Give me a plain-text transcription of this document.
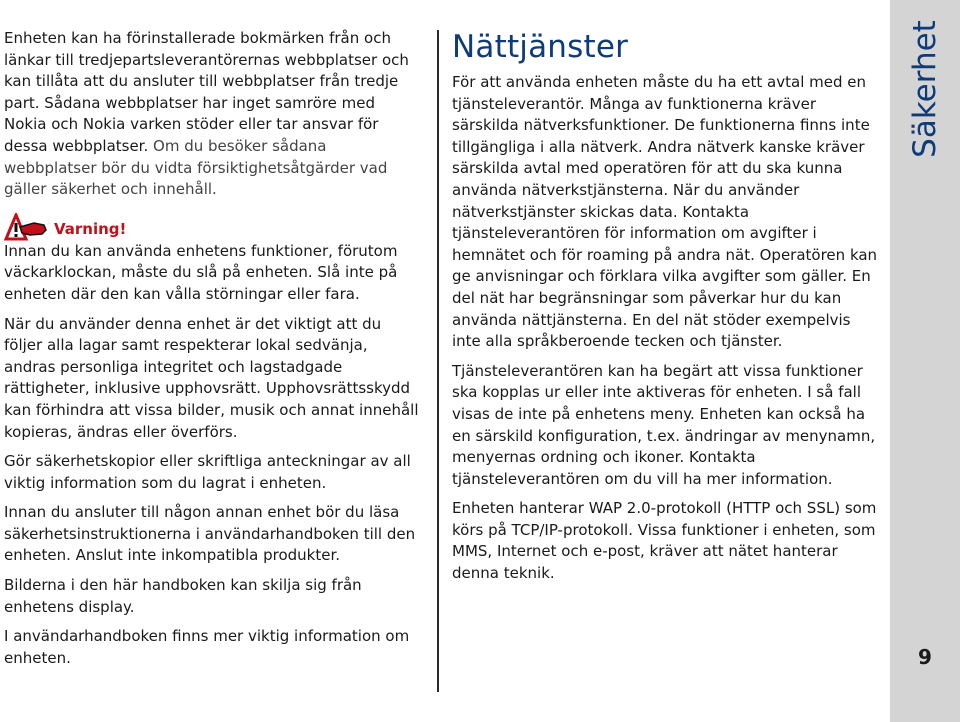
Enheten kan ha förinstallerade bokmärken från och länkar till tredjepartsleverantörernas webbplatser och kan tillåta att du ansluter till webbplatser från tredje part. Sådana webbplatser har inget samröre med Nokia och Nokia varken stöder eller tar ansvar för dessa webbplatser. Om du besöker sådana webbplatser bör du vidta försiktighetsåtgärder vad gäller säkerhet och innehåll.

Varning!

Innan du kan använda enhetens funktioner, förutom väckarklockan, måste du slå på enheten. Slå inte på enheten där den kan vålla störningar eller fara.

När du använder denna enhet är det viktigt att du följer alla lagar samt respekterar lokal sedvänja, andras personliga integritet och lagstadgade rättigheter, inklusive upphovsrätt. Upphovsrättsskydd kan förhindra att vissa bilder, musik och annat innehåll kopieras, ändras eller överförs.

Gör säkerhetskopior eller skriftliga anteckningar av all viktig information som du lagrat i enheten.

Innan du ansluter till någon annan enhet bör du läsa säkerhetsinstruktionerna i användarhandboken till den enheten. Anslut inte inkompatibla produkter.

Bilderna i den här handboken kan skilja sig från enhetens display.

I användarhandboken finns mer viktig information om enheten.

Nättjänster

För att använda enheten måste du ha ett avtal med en tjänsteleverantör. Många av funktionerna kräver särskilda nätverksfunktioner. De funktionerna finns inte tillgängliga i alla nätverk. Andra nätverk kanske kräver särskilda avtal med operatören för att du ska kunna använda nätverkstjänsterna. När du använder nätverkstjänster skickas data. Kontakta tjänsteleverantören för information om avgifter i hemnätet och för roaming på andra nät. Operatören kan ge anvisningar och förklara vilka avgifter som gäller. En del nät har begränsningar som påverkar hur du kan använda nättjänsterna. En del nät stöder exempelvis inte alla språkberoende tecken och tjänster.

Tjänsteleverantören kan ha begärt att vissa funktioner ska kopplas ur eller inte aktiveras för enheten. I så fall visas de inte på enhetens meny. Enheten kan också ha en särskild konfiguration, t.ex. ändringar av menynamn, menyernas ordning och ikoner. Kontakta tjänsteleverantören om du vill ha mer information.

Enheten hanterar WAP 2.0-protokoll (HTTP och SSL) som körs på TCP/IP-protokoll. Vissa funktioner i enheten, som MMS, Internet och e-post, kräver att nätet hanterar denna teknik.

Säkerhet
9
